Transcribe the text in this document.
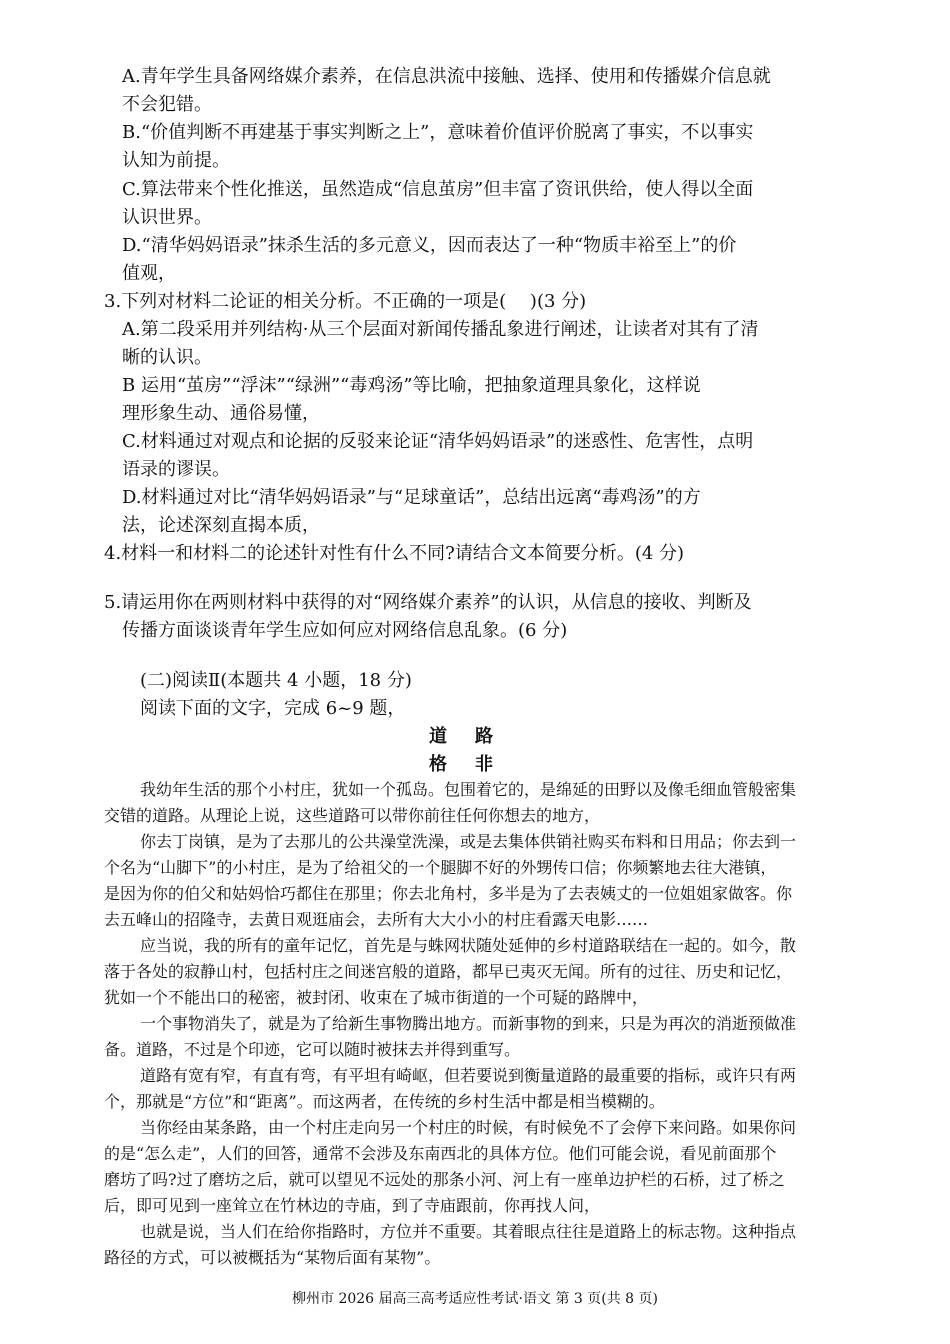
A.青年学生具备网络媒介素养，在信息洪流中接触、选择、使用和传播媒介信息就
不会犯错。
B.“价值判断不再建基于事实判断之上”，意味着价值评价脱离了事实，不以事实
认知为前提。
C.算法带来个性化推送，虽然造成“信息茧房”但丰富了资讯供给，使人得以全面
认识世界。
D.“清华妈妈语录”抹杀生活的多元意义，因而表达了一种“物质丰裕至上”的价
值观，
3.下列对材料二论证的相关分析。不正确的一项是(　 )(3 分)
A.第二段采用并列结构·从三个层面对新闻传播乱象进行阐述，让读者对其有了清
晰的认识。
B 运用“茧房”“浮沫”“绿洲”“毒鸡汤”等比喻，把抽象道理具象化，这样说
理形象生动、通俗易懂，
C.材料通过对观点和论据的反驳来论证“清华妈妈语录”的迷惑性、危害性，点明
语录的谬误。
D.材料通过对比“清华妈妈语录”与“足球童话”，总结出远离“毒鸡汤”的方
法，论述深刻直揭本质，
4.材料一和材料二的论述针对性有什么不同?请结合文本简要分析。(4 分)
5.请运用你在两则材料中获得的对“网络媒介素养”的认识，从信息的接收、判断及
传播方面谈谈青年学生应如何应对网络信息乱象。(6 分)
(二)阅读Ⅱ(本题共 4 小题，18 分)
阅读下面的文字，完成 6~9 题，
道路
格非
我幼年生活的那个小村庄，犹如一个孤岛。包围着它的，是绵延的田野以及像毛细血管般密集
交错的道路。从理论上说，这些道路可以带你前往任何你想去的地方，
你去丁岗镇，是为了去那儿的公共澡堂洗澡，或是去集体供销社购买布料和日用品；你去到一
个名为“山脚下”的小村庄，是为了给祖父的一个腿脚不好的外甥传口信；你频繁地去往大港镇，
是因为你的伯父和姑妈恰巧都住在那里；你去北角村，多半是为了去表姨丈的一位姐姐家做客。你
去五峰山的招隆寺，去黄日观逛庙会，去所有大大小小的村庄看露天电影……
应当说，我的所有的童年记忆，首先是与蛛网状随处延伸的乡村道路联结在一起的。如今，散
落于各处的寂静山村，包括村庄之间迷宫般的道路，都早已夷灭无闻。所有的过往、历史和记忆，
犹如一个不能出口的秘密，被封闭、收束在了城市街道的一个可疑的路牌中，
一个事物消失了，就是为了给新生事物腾出地方。而新事物的到来，只是为再次的消逝预做准
备。道路，不过是个印迹，它可以随时被抹去并得到重写。
道路有宽有窄，有直有弯，有平坦有崎岖，但若要说到衡量道路的最重要的指标，或许只有两
个，那就是“方位”和“距离”。而这两者，在传统的乡村生活中都是相当模糊的。
当你经由某条路，由一个村庄走向另一个村庄的时候，有时候免不了会停下来问路。如果你问
的是“怎么走”，人们的回答，通常不会涉及东南西北的具体方位。他们可能会说，看见前面那个
磨坊了吗?过了磨坊之后，就可以望见不远处的那条小河、河上有一座单边护栏的石桥，过了桥之
后，即可见到一座耸立在竹林边的寺庙，到了寺庙跟前，你再找人问，
也就是说，当人们在给你指路时，方位并不重要。其着眼点往往是道路上的标志物。这种指点
路径的方式，可以被概括为“某物后面有某物”。
柳州市 2026 届高三高考适应性考试·语文 第 3 页(共 8 页)
